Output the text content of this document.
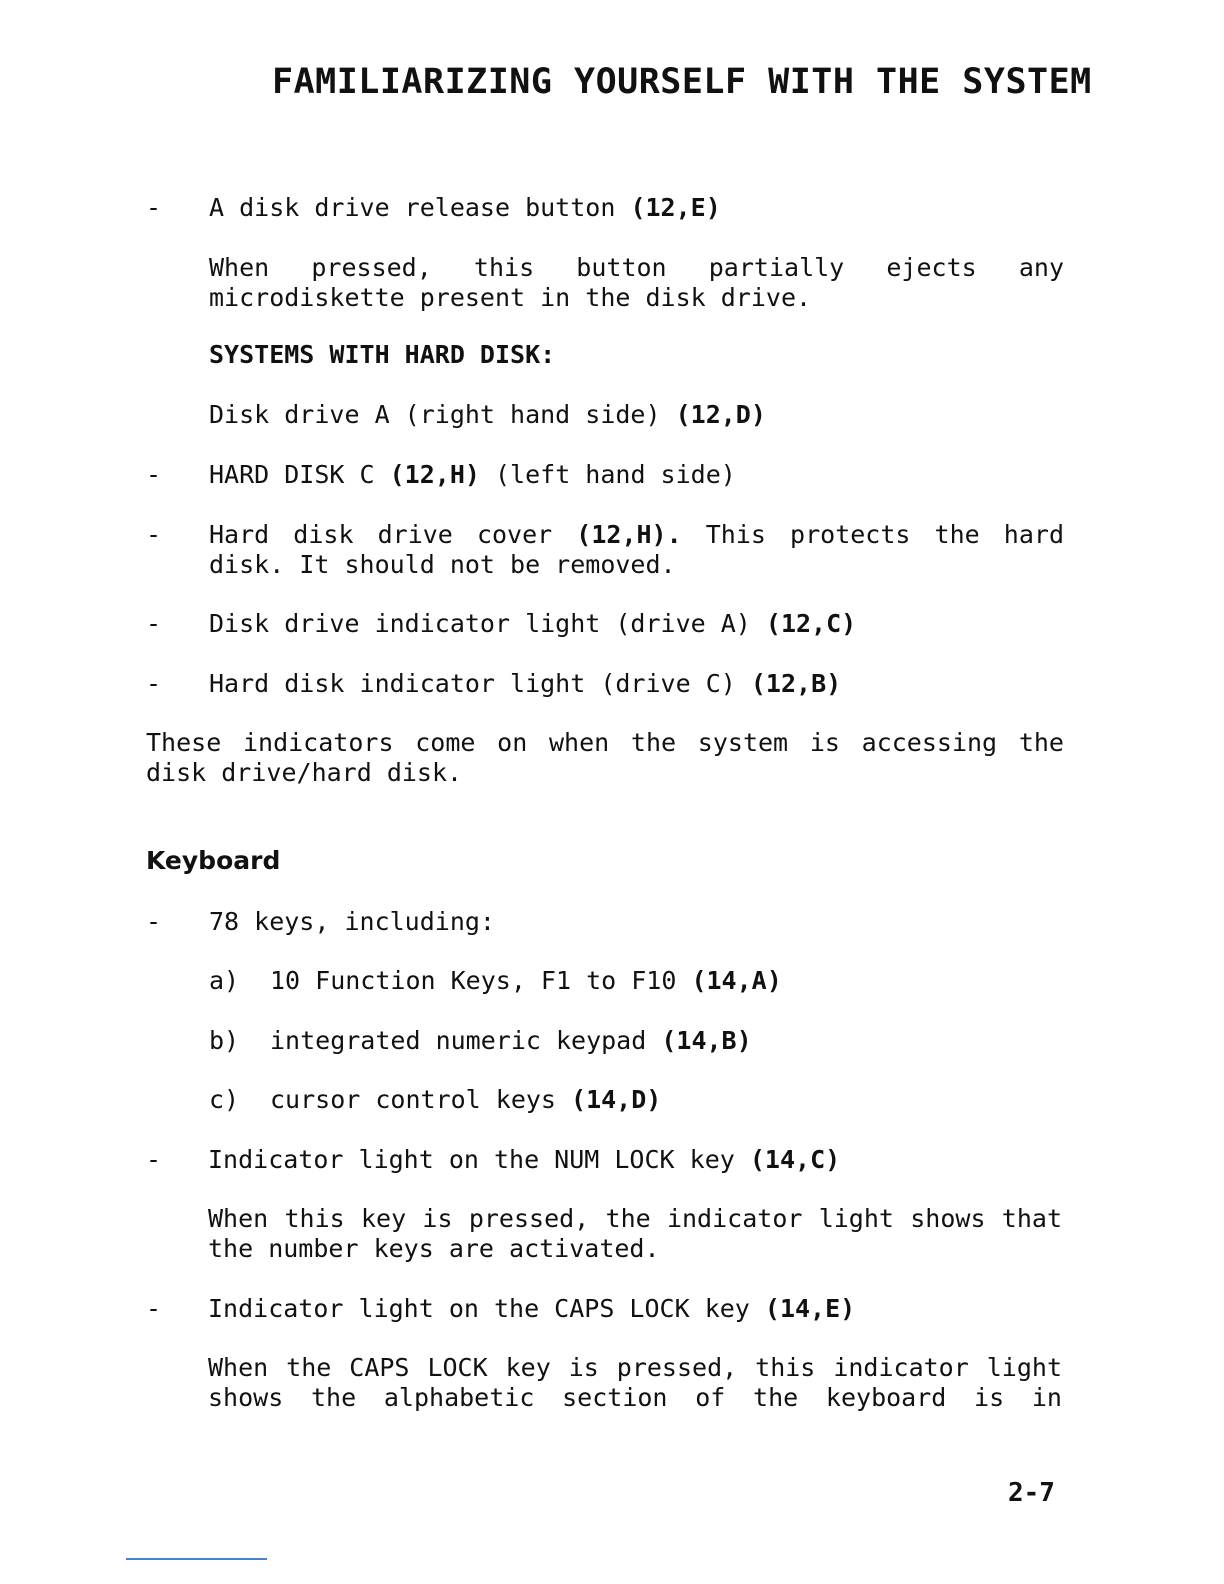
FAMILIARIZING YOURSELF WITH THE SYSTEM
- A disk drive release button (12,E)
When pressed, this button partially ejects any microdiskette present in the disk drive.
SYSTEMS WITH HARD DISK:
Disk drive A (right hand side) (12,D)
- HARD DISK C (12,H) (left hand side)
- Hard disk drive cover (12,H). This protects the hard disk. It should not be removed.
- Disk drive indicator light (drive A) (12,C)
- Hard disk indicator light (drive C) (12,B)
These indicators come on when the system is accessing the disk drive/hard disk.
Keyboard
- 78 keys, including:
a) 10 Function Keys, F1 to F10 (14,A)
b) integrated numeric keypad (14,B)
c) cursor control keys (14,D)
- Indicator light on the NUM LOCK key (14,C)
When this key is pressed, the indicator light shows that the number keys are activated.
- Indicator light on the CAPS LOCK key (14,E)
When the CAPS LOCK key is pressed, this indicator light shows the alphabetic section of the keyboard is in
2-7
